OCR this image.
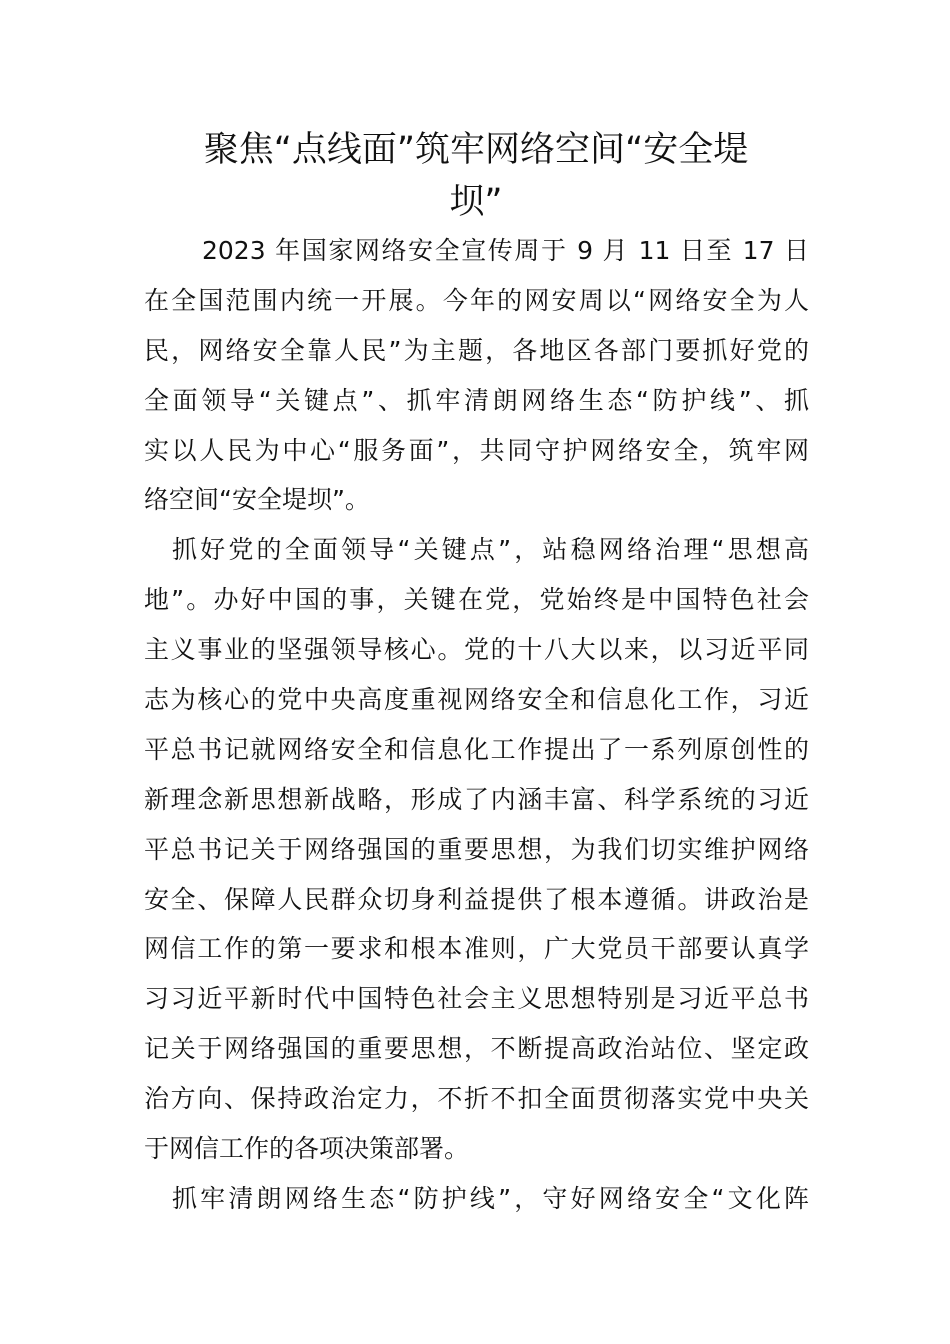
聚焦“点线面”筑牢网络空间“安全堤
坝”
2023 年国家网络安全宣传周于 9 月 11 日至 17 日
在全国范围内统一开展。今年的网安周以“网络安全为人
民，网络安全靠人民”为主题，各地区各部门要抓好党的
全面领导“关键点”、抓牢清朗网络生态“防护线”、抓
实以人民为中心“服务面”，共同守护网络安全，筑牢网
络空间“安全堤坝”。
抓好党的全面领导“关键点”，站稳网络治理“思想高
地”。办好中国的事，关键在党，党始终是中国特色社会
主义事业的坚强领导核心。党的十八大以来，以习近平同
志为核心的党中央高度重视网络安全和信息化工作，习近
平总书记就网络安全和信息化工作提出了一系列原创性的
新理念新思想新战略，形成了内涵丰富、科学系统的习近
平总书记关于网络强国的重要思想，为我们切实维护网络
安全、保障人民群众切身利益提供了根本遵循。讲政治是
网信工作的第一要求和根本准则，广大党员干部要认真学
习习近平新时代中国特色社会主义思想特别是习近平总书
记关于网络强国的重要思想，不断提高政治站位、坚定政
治方向、保持政治定力，不折不扣全面贯彻落实党中央关
于网信工作的各项决策部署。
抓牢清朗网络生态“防护线”，守好网络安全“文化阵
